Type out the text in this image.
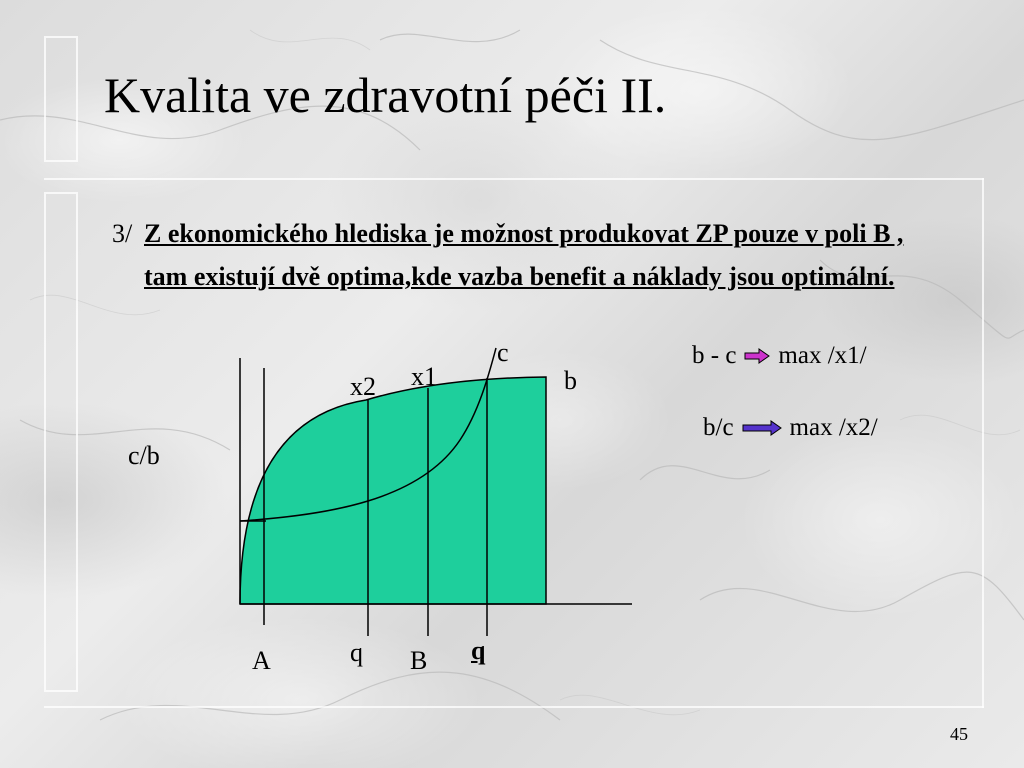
Kvalita ve zdravotní péči II.
3/ Z ekonomického hlediska je možnost produkovat ZP pouze v poli B , tam existují dvě optima,kde vazba benefit a náklady jsou optimální.
c/b
c
b
x2 x1
A	q B q
b - c max /x1/
b/c max /x2/
45
